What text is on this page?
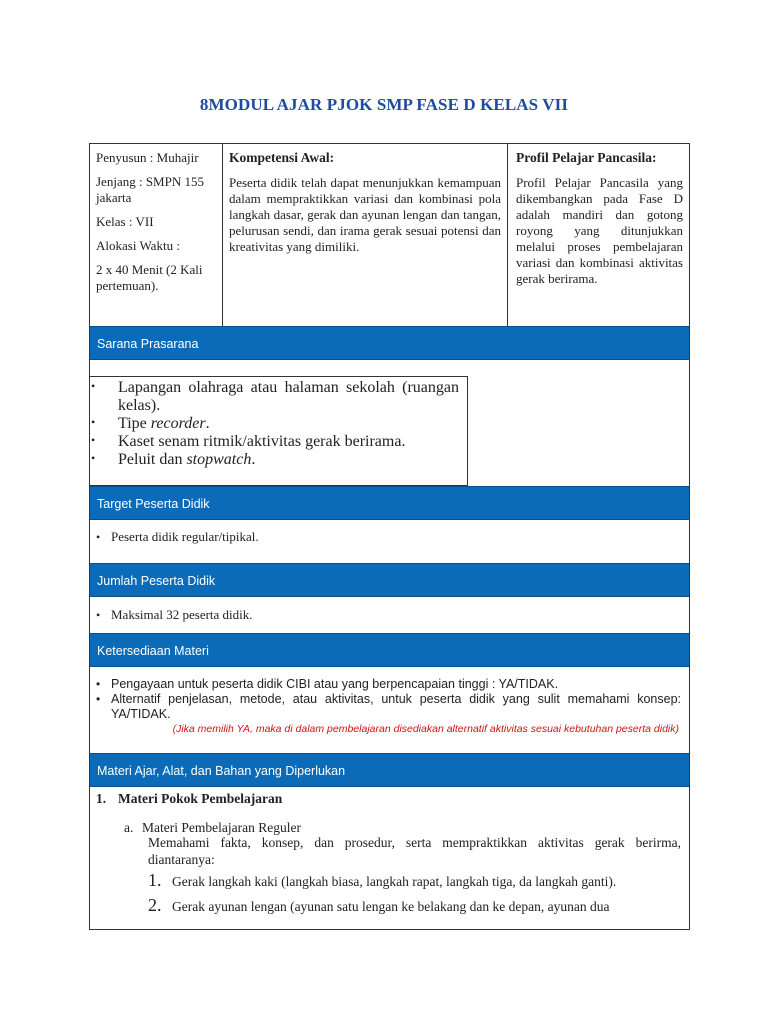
8MODUL AJAR PJOK SMP FASE D KELAS VII

Penyusun : Muhajir

Jenjang : SMPN 155 jakarta

Kelas : VII

Alokasi Waktu :

2 x 40 Menit (2 Kali pertemuan).

Kompetensi Awal:

Peserta didik telah dapat menunjukkan kemampuan dalam mempraktikkan variasi dan kombinasi pola langkah dasar, gerak dan ayunan lengan dan tangan, pelurusan sendi, dan irama gerak sesuai potensi dan kreativitas yang dimiliki.

Profil Pelajar Pancasila:

Profil Pelajar Pancasila yang dikembangkan pada Fase D adalah mandiri dan gotong royong yang ditunjukkan melalui proses pembelajaran variasi dan kombinasi aktivitas gerak berirama.

Sarana Prasarana
• Lapangan olahraga atau halaman sekolah (ruangan kelas).
• Tipe recorder.
• Kaset senam ritmik/aktivitas gerak berirama.
• Peluit dan stopwatch.
Target Peserta Didik
• Peserta didik regular/tipikal.
Jumlah Peserta Didik
• Maksimal 32 peserta didik.
Ketersediaan Materi
• Pengayaan untuk peserta didik CIBI atau yang berpencapaian tinggi : YA/TIDAK.
• Alternatif penjelasan, metode, atau aktivitas, untuk peserta didik yang sulit memahami konsep: YA/TIDAK.
(Jika memilih YA, maka di dalam pembelajaran disediakan alternatif aktivitas sesuai kebutuhan peserta didik)
Materi Ajar, Alat, dan Bahan yang Diperlukan
1. Materi Pokok Pembelajaran
a. Materi Pembelajaran Reguler
Memahami fakta, konsep, dan prosedur, serta mempraktikkan aktivitas gerak berirma, diantaranya:
1. Gerak langkah kaki (langkah biasa, langkah rapat, langkah tiga, da langkah ganti).
2. Gerak ayunan lengan (ayunan satu lengan ke belakang dan ke depan, ayunan dua
